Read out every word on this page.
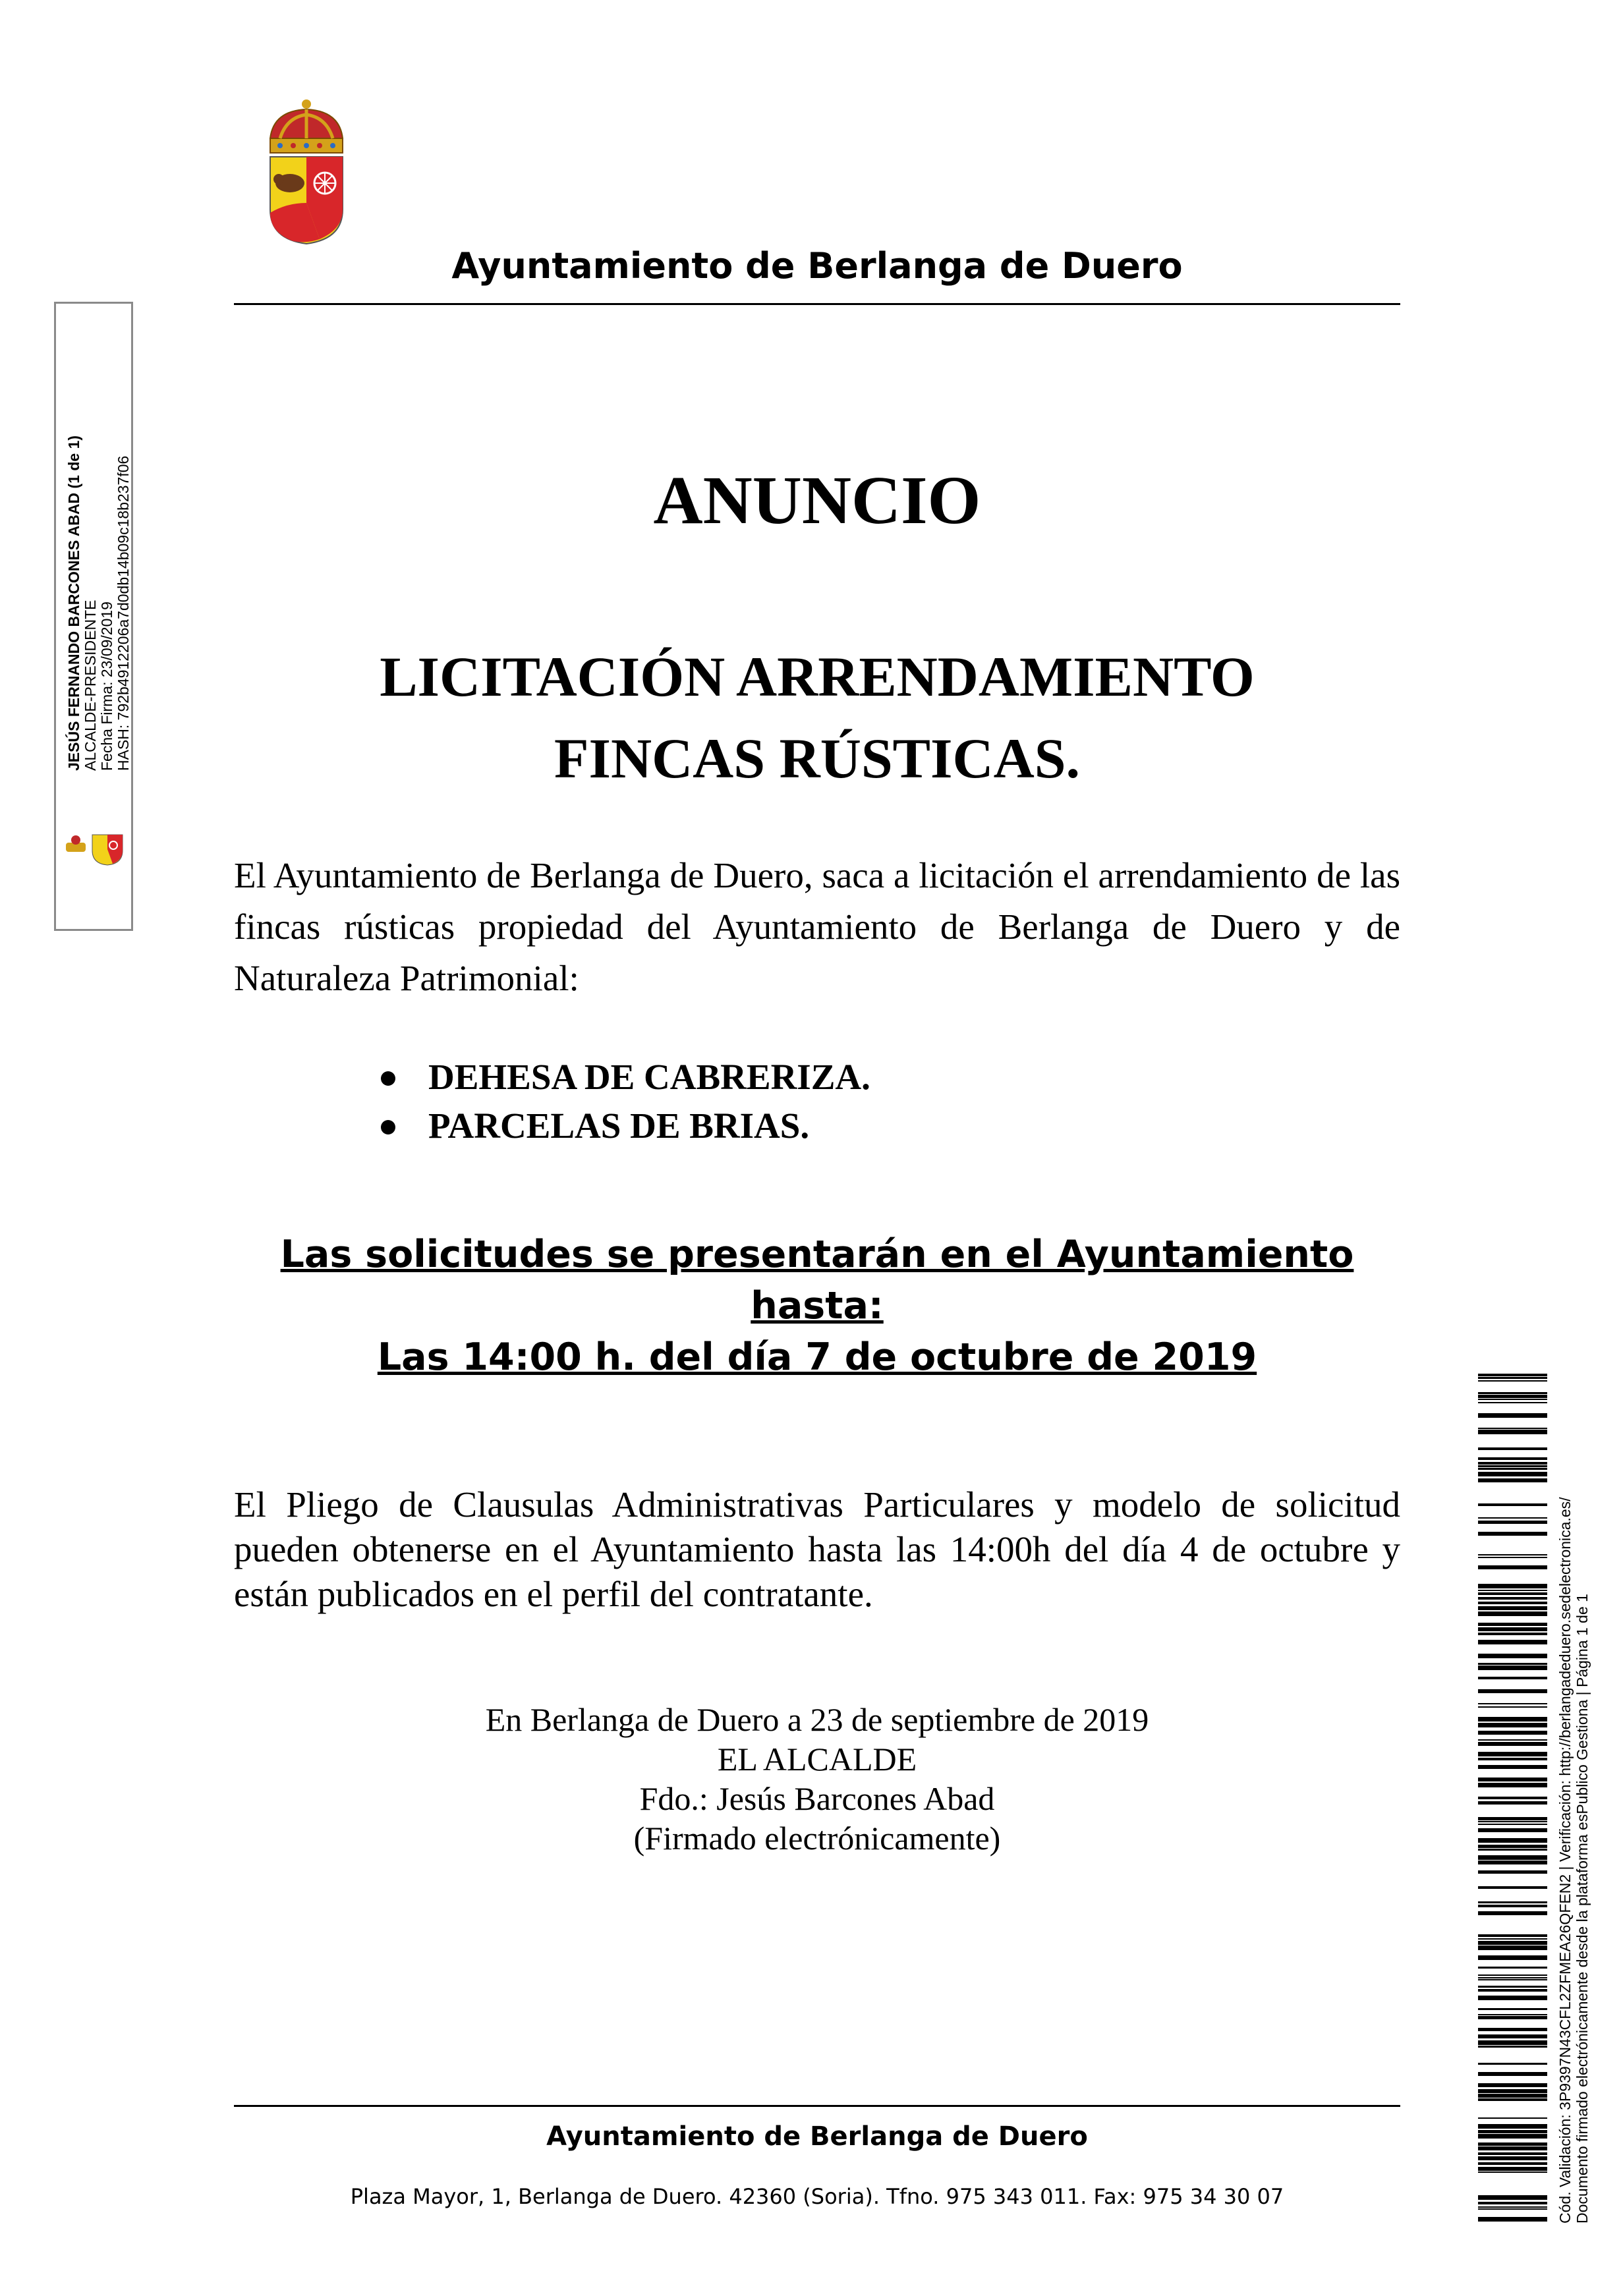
Ayuntamiento de Berlanga de Duero
JESÚS FERNANDO BARCONES ABAD (1 de 1) ALCALDE-PRESIDENTE Fecha Firma: 23/09/2019 HASH: 792b4912206a7d0db14b09c18b237f06	ANUNCIO
LICITACIÓN ARRENDAMIENTO
FINCAS RÚSTICAS.
El Ayuntamiento de Berlanga de Duero, saca a licitación el arrendamiento de las fincas rústicas propiedad del Ayuntamiento de Berlanga de Duero y de Naturaleza Patrimonial:
DEHESA DE CABRERIZA.
PARCELAS DE BRIAS.
Las solicitudes se presentarán en el Ayuntamiento
hasta:
Las 14:00 h. del día 7 de octubre de 2019
El Pliego de Clausulas Administrativas Particulares y modelo de solicitud pueden obtenerse en el Ayuntamiento hasta las 14:00h del día 4 de octubre y están publicados en el perfil del contratante.
En Berlanga de Duero a 23 de septiembre de 2019
EL ALCALDE
Fdo.: Jesús Barcones Abad
(Firmado electrónicamente)
Ayuntamiento de Berlanga de Duero
Plaza Mayor, 1, Berlanga de Duero. 42360 (Soria). Tfno. 975 343 011. Fax: 975 34 30 07	Cód. Validación: 3P9397N43CFL2ZFMEA26QFEN2 | Verificación: http://berlangadeduero.sedelectronica.es/ Documento firmado electrónicamente desde la plataforma esPublico Gestiona | Página 1 de 1
